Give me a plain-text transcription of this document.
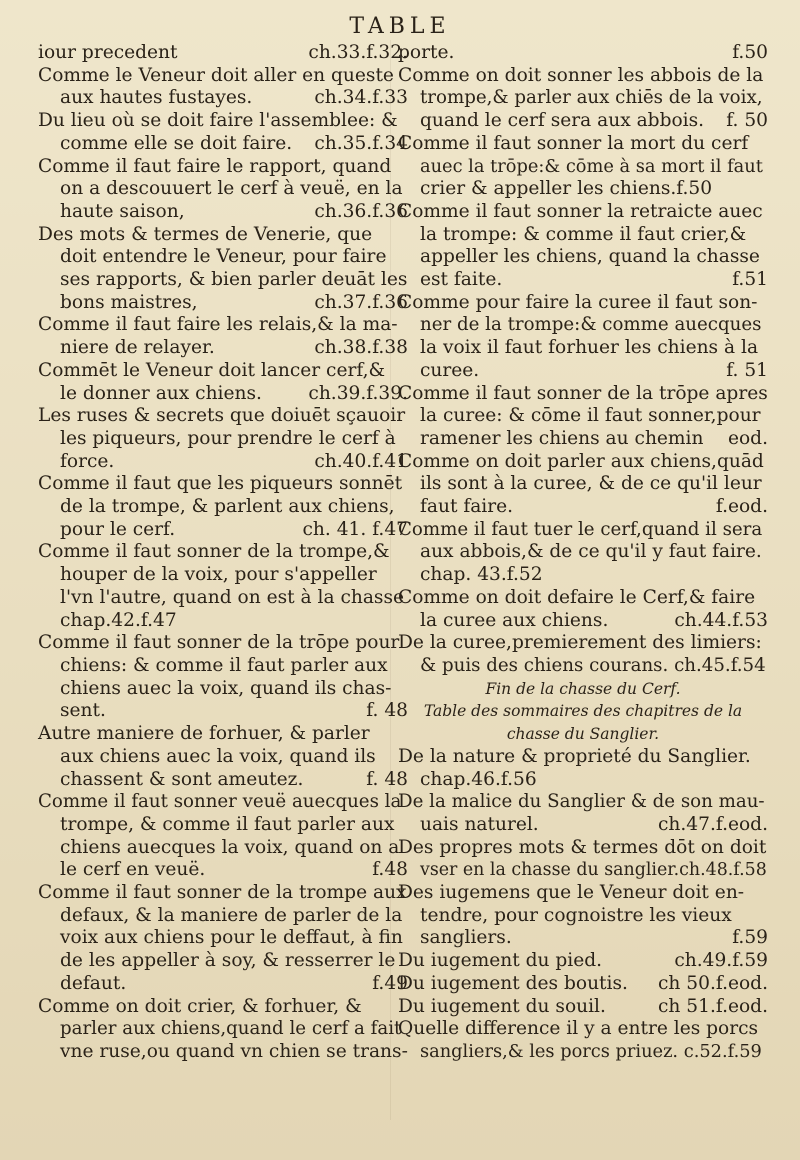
TABLE
iour precedent	ch.33.f.32.
Comme le Veneur doit aller en queste
aux hautes fustayes.	ch.34.f.33
Du lieu où se doit faire l'assemblee: &
comme elle se doit faire.	ch.35.f.34
Comme il faut faire le rapport, quand
on a descouuert le cerf à veuë, en la
haute saison,	ch.36.f.36
Des mots & termes de Venerie, que
doit entendre le Veneur, pour faire
ses rapports, & bien parler deuāt les
bons maistres,	ch.37.f.36
Comme il faut faire les relais,& la ma-
niere de relayer.	ch.38.f.38
Commēt le Veneur doit lancer cerf,&
le donner aux chiens.	ch.39.f.39.
Les ruses & secrets que doiuēt sçauoir
les piqueurs, pour prendre le cerf à
force.	ch.40.f.41
Comme il faut que les piqueurs sonnēt
de la trompe, & parlent aux chiens,
pour le cerf.	ch. 41. f.47
Comme il faut sonner de la trompe,&
houper de la voix, pour s'appeller
l'vn l'autre, quand on est à la chasse
chap.42.f.47
Comme il faut sonner de la trōpe pour
chiens: & comme il faut parler aux
chiens auec la voix, quand ils chas-
sent.	f. 48
Autre maniere de forhuer, & parler
aux chiens auec la voix, quand ils
chassent & sont ameutez.	f. 48
Comme il faut sonner veuë auecques la
trompe, & comme il faut parler aux
chiens auecques la voix, quand on a
le cerf en veuë.	f.48
Comme il faut sonner de la trompe aux
defaux, & la maniere de parler de la
voix aux chiens pour le deffaut, à fin
de les appeller à soy, & resserrer le
defaut.	f.49
Comme on doit crier, & forhuer, &
parler aux chiens,quand le cerf a fait
vne ruse,ou quand vn chien se trans-
porte.	f.50
Comme on doit sonner les abbois de la
trompe,& parler aux chiēs de la voix,
quand le cerf sera aux abbois.	f. 50
Comme il faut sonner la mort du cerf
auec la trōpe:& cōme à sa mort il faut
crier & appeller les chiens.f.50
Comme il faut sonner la retraicte auec
la trompe: & comme il faut crier,&
appeller les chiens, quand la chasse
est faite.	f.51
Comme pour faire la curee il faut son-
ner de la trompe:& comme auecques
la voix il faut forhuer les chiens à la
curee.	f. 51
Comme il faut sonner de la trōpe apres
la curee: & cōme il faut sonner,pour
ramener les chiens au chemin	eod.
Comme on doit parler aux chiens,quād
ils sont à la curee, & de ce qu'il leur
faut faire.	f.eod.
Comme il faut tuer le cerf,quand il sera
aux abbois,& de ce qu'il y faut faire.
chap. 43.f.52
Comme on doit defaire le Cerf,& faire
la curee aux chiens.	ch.44.f.53
De la curee,premierement des limiers:
& puis des chiens courans. ch.45.f.54
Fin de la chasse du Cerf.
Table des sommaires des chapitres de la
chasse du Sanglier.
De la nature & proprieté du Sanglier.
chap.46.f.56
De la malice du Sanglier & de son mau-
uais naturel.	ch.47.f.eod.
Des propres mots & termes dōt on doit
vser en la chasse du sanglier.ch.48.f.58
Des iugemens que le Veneur doit en-
tendre, pour cognoistre les vieux
sangliers.	f.59
Du iugement du pied.	ch.49.f.59
Du iugement des boutis.	ch 50.f.eod.
Du iugement du souil.	ch 51.f.eod.
Quelle difference il y a entre les porcs
sangliers,& les porcs priuez. c.52.f.59
